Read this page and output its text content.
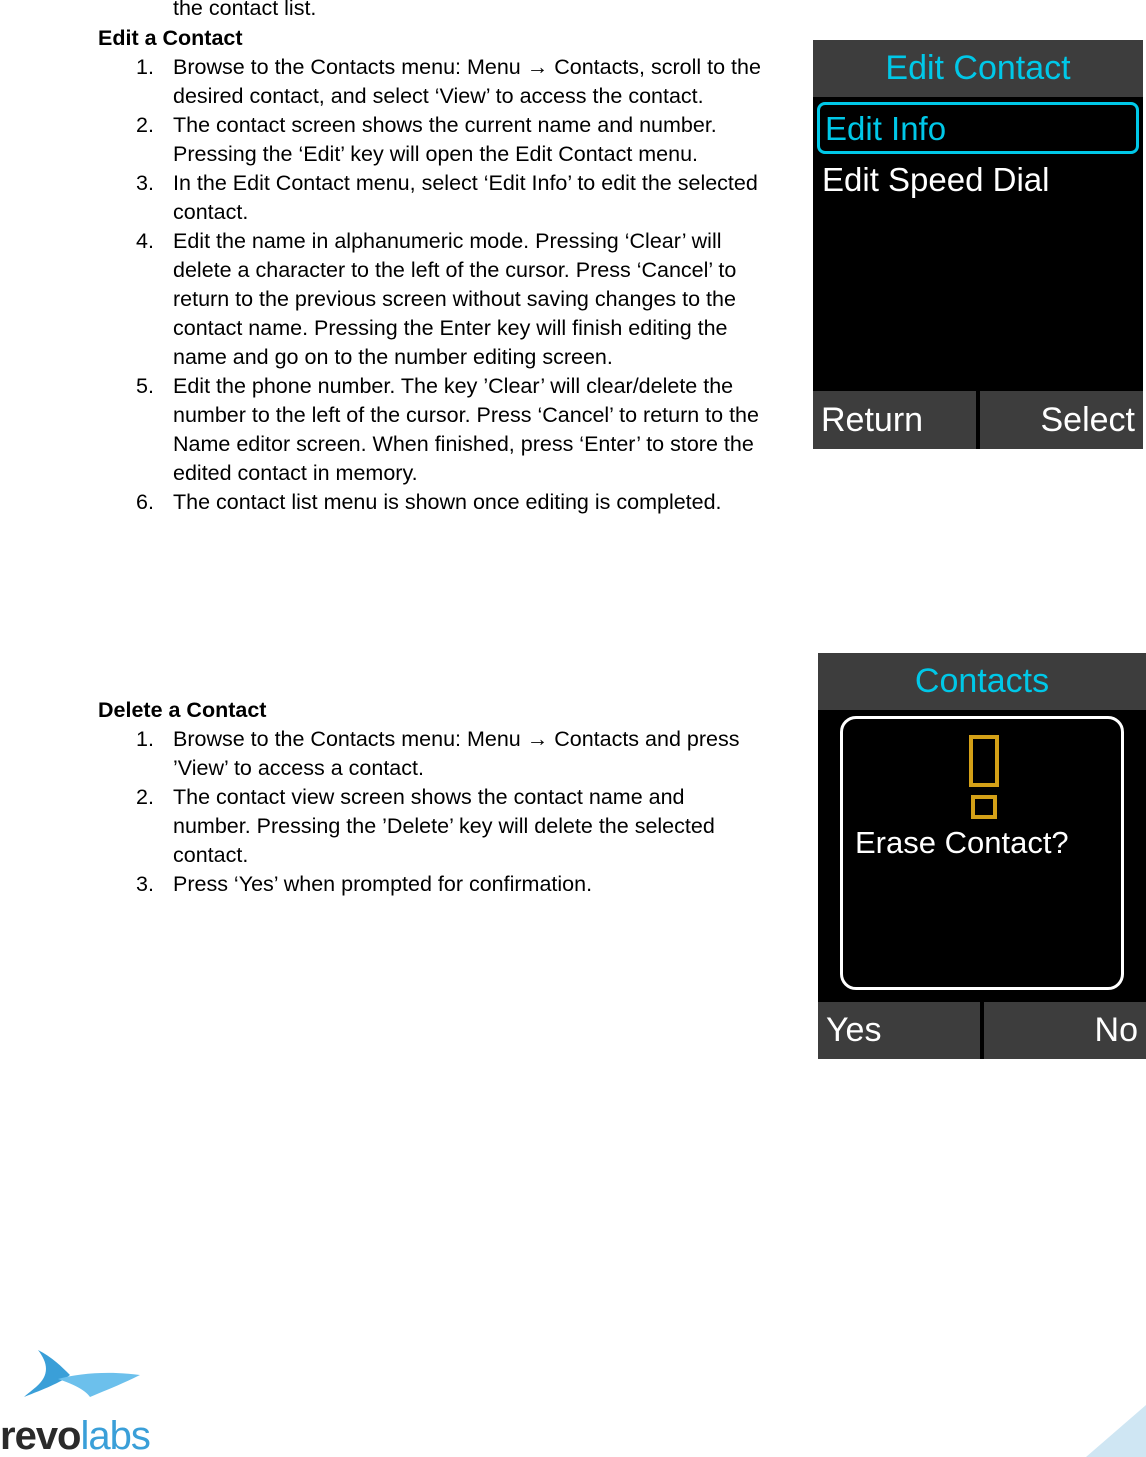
the contact list.

Edit a Contact
1. Browse to the Contacts menu: Menu → Contacts, scroll to the desired contact, and select ‘View’ to access the contact.
2. The contact screen shows the current name and number. Pressing the ‘Edit’ key will open the Edit Contact menu.
3. In the Edit Contact menu, select ‘Edit Info’ to edit the selected contact.
4. Edit the name in alphanumeric mode. Pressing ‘Clear’ will delete a character to the left of the cursor. Press ‘Cancel’ to return to the previous screen without saving changes to the contact name. Pressing the Enter key will finish editing the name and go on to the number editing screen.
5. Edit the phone number. The key ’Clear’ will clear/delete the number to the left of the cursor. Press ‘Cancel’ to return to the Name editor screen. When finished, press ‘Enter’ to store the edited contact in memory.
6. The contact list menu is shown once editing is completed.
Delete a Contact
1. Browse to the Contacts menu: Menu → Contacts and press ’View’ to access a contact.
2. The contact view screen shows the contact name and number. Pressing the ’Delete’ key will delete the selected contact.
3. Press ‘Yes’ when prompted for confirmation.
Edit Contact
Edit Info
Edit Speed Dial
Return	Select
Contacts
Erase Contact?
Yes	No
revolabs
